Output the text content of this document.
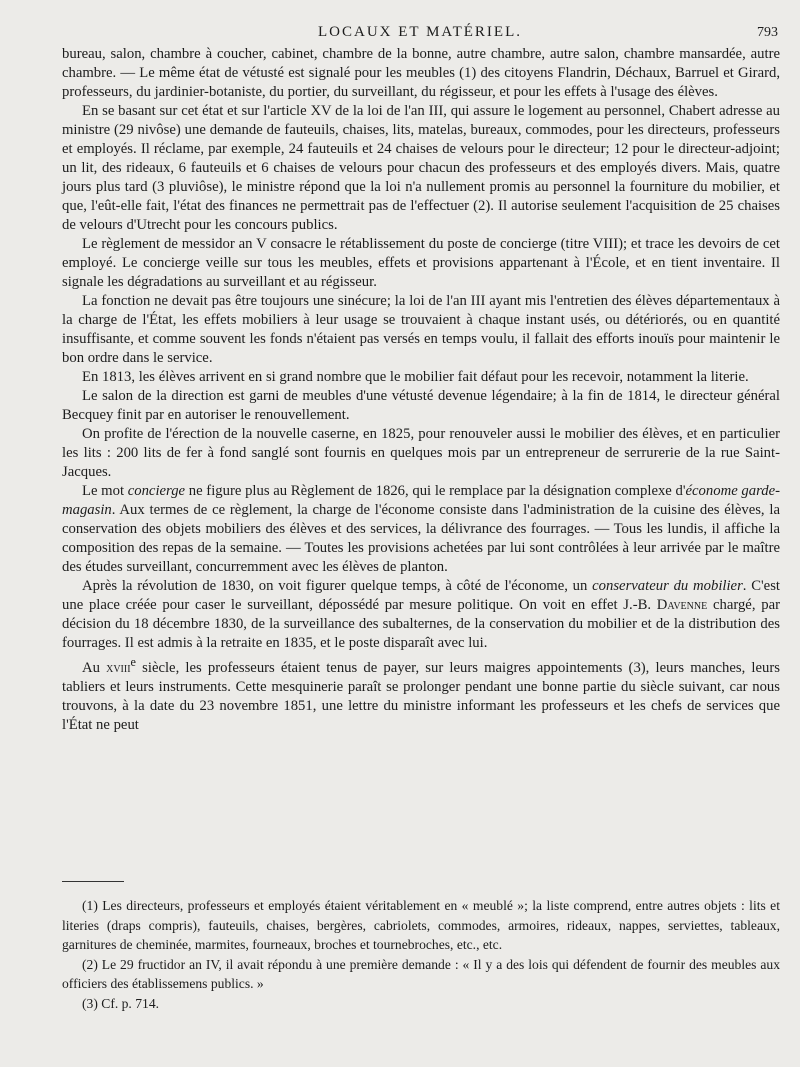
LOCAUX ET MATÉRIEL.	793

bureau, salon, chambre à coucher, cabinet, chambre de la bonne, autre chambre, autre salon, chambre mansardée, autre chambre. — Le même état de vétusté est signalé pour les meubles (1) des citoyens Flandrin, Déchaux, Barruel et Girard, professeurs, du jardinier-botaniste, du portier, du surveillant, du régisseur, et pour les effets à l'usage des élèves.

En se basant sur cet état et sur l'article XV de la loi de l'an III, qui assure le logement au personnel, Chabert adresse au ministre (29 nivôse) une demande de fauteuils, chaises, lits, matelas, bureaux, commodes, pour les directeurs, professeurs et employés. Il réclame, par exemple, 24 fauteuils et 24 chaises de velours pour le directeur; 12 pour le directeur-adjoint; un lit, des rideaux, 6 fauteuils et 6 chaises de velours pour chacun des professeurs et des employés divers. Mais, quatre jours plus tard (3 pluviôse), le ministre répond que la loi n'a nullement promis au personnel la fourniture du mobilier, et que, l'eût-elle fait, l'état des finances ne permettrait pas de l'effectuer (2). Il autorise seulement l'acquisition de 25 chaises de velours d'Utrecht pour les concours publics.

Le règlement de messidor an V consacre le rétablissement du poste de concierge (titre VIII); et trace les devoirs de cet employé. Le concierge veille sur tous les meubles, effets et provisions appartenant à l'École, et en tient inventaire. Il signale les dégradations au surveillant et au régisseur.

La fonction ne devait pas être toujours une sinécure; la loi de l'an III ayant mis l'entretien des élèves départementaux à la charge de l'État, les effets mobiliers à leur usage se trouvaient à chaque instant usés, ou détériorés, ou en quantité insuffisante, et comme souvent les fonds n'étaient pas versés en temps voulu, il fallait des efforts inouïs pour maintenir le bon ordre dans le service.

En 1813, les élèves arrivent en si grand nombre que le mobilier fait défaut pour les recevoir, notamment la literie.

Le salon de la direction est garni de meubles d'une vétusté devenue légendaire; à la fin de 1814, le directeur général Becquey finit par en autoriser le renouvellement.

On profite de l'érection de la nouvelle caserne, en 1825, pour renouveler aussi le mobilier des élèves, et en particulier les lits : 200 lits de fer à fond sanglé sont fournis en quelques mois par un entrepreneur de serrurerie de la rue Saint-Jacques.

Le mot concierge ne figure plus au Règlement de 1826, qui le remplace par la désignation complexe d'économe garde-magasin. Aux termes de ce règlement, la charge de l'économe consiste dans l'administration de la cuisine des élèves, la conservation des objets mobiliers des élèves et des services, la délivrance des fourrages. — Tous les lundis, il affiche la composition des repas de la semaine. — Toutes les provisions achetées par lui sont contrôlées à leur arrivée par le maître des études surveillant, concurremment avec les élèves de planton.

Après la révolution de 1830, on voit figurer quelque temps, à côté de l'économe, un conservateur du mobilier. C'est une place créée pour caser le surveillant, dépossédé par mesure politique. On voit en effet J.-B. Davenne chargé, par décision du 18 décembre 1830, de la surveillance des subalternes, de la conservation du mobilier et de la distribution des fourrages. Il est admis à la retraite en 1835, et le poste disparaît avec lui.

Au xviii$^e$ siècle, les professeurs étaient tenus de payer, sur leurs maigres appointements (3), leurs manches, leurs tabliers et leurs instruments. Cette mesquinerie paraît se prolonger pendant une bonne partie du siècle suivant, car nous trouvons, à la date du 23 novembre 1851, une lettre du ministre informant les professeurs et les chefs de services que l'État ne peut

(1) Les directeurs, professeurs et employés étaient véritablement en « meublé »; la liste comprend, entre autres objets : lits et literies (draps compris), fauteuils, chaises, bergères, cabriolets, commodes, armoires, rideaux, nappes, serviettes, tableaux, garnitures de cheminée, marmites, fourneaux, broches et tournebroches, etc., etc.

(2) Le 29 fructidor an IV, il avait répondu à une première demande : « Il y a des lois qui défendent de fournir des meubles aux officiers des établissemens publics. »

(3) Cf. p. 714.
